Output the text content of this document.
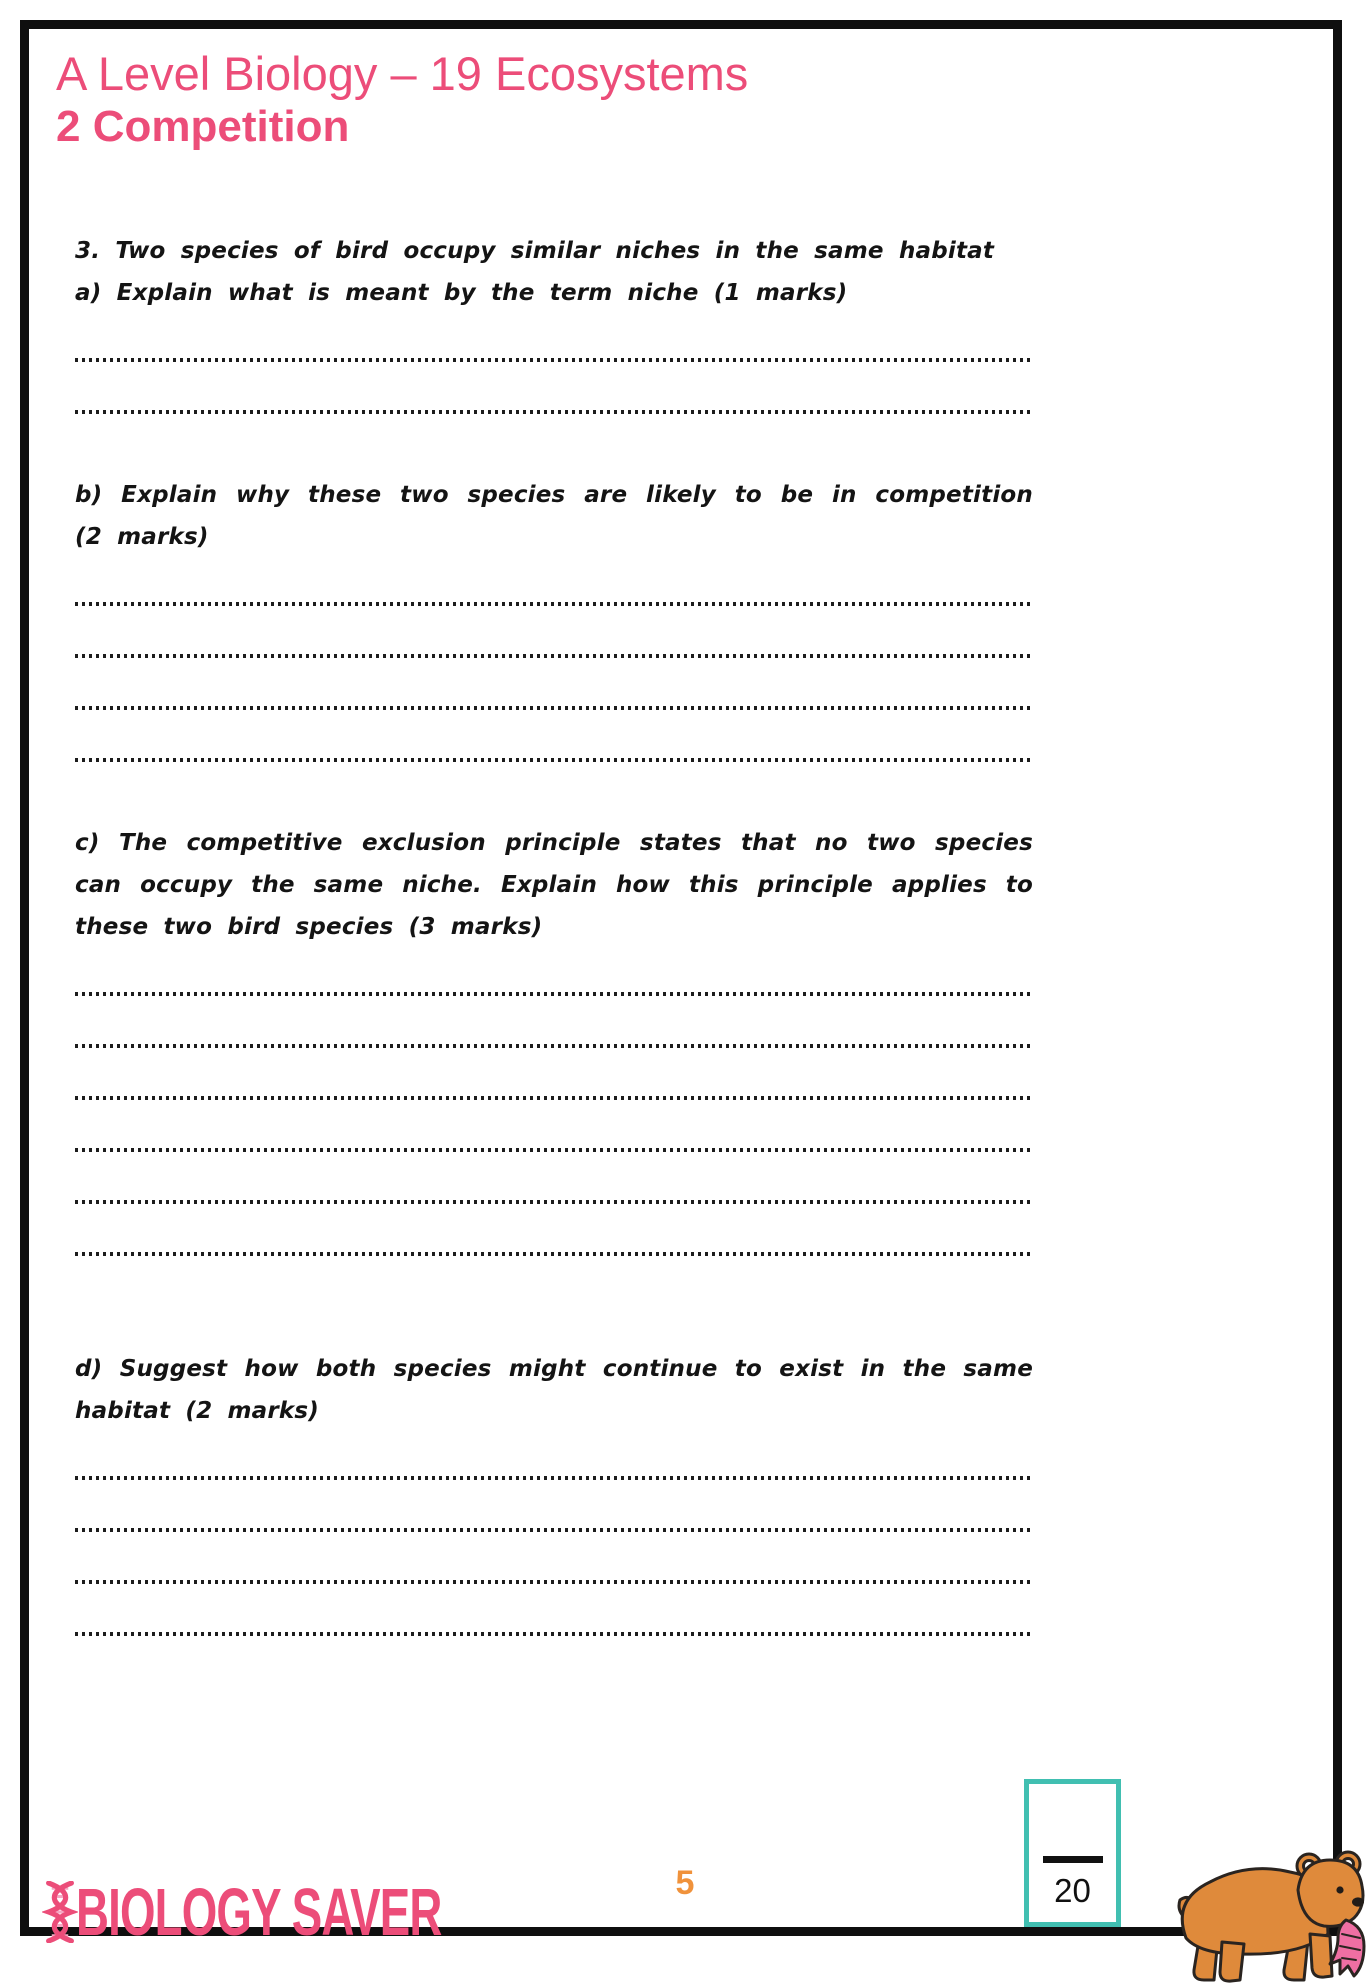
A Level Biology – 19 Ecosystems
2 Competition

3. Two species of bird occupy similar niches in the same habitat

a) Explain what is meant by the term niche (1 marks)

b) Explain why these two species are likely to be in competition (2 marks)

c) The competitive exclusion principle states that no two species can occupy the same niche. Explain how this principle applies to these two bird species (3 marks)

d) Suggest how both species might continue to exist in the same habitat (2 marks)

BIOLOGY SAVER	5	20
